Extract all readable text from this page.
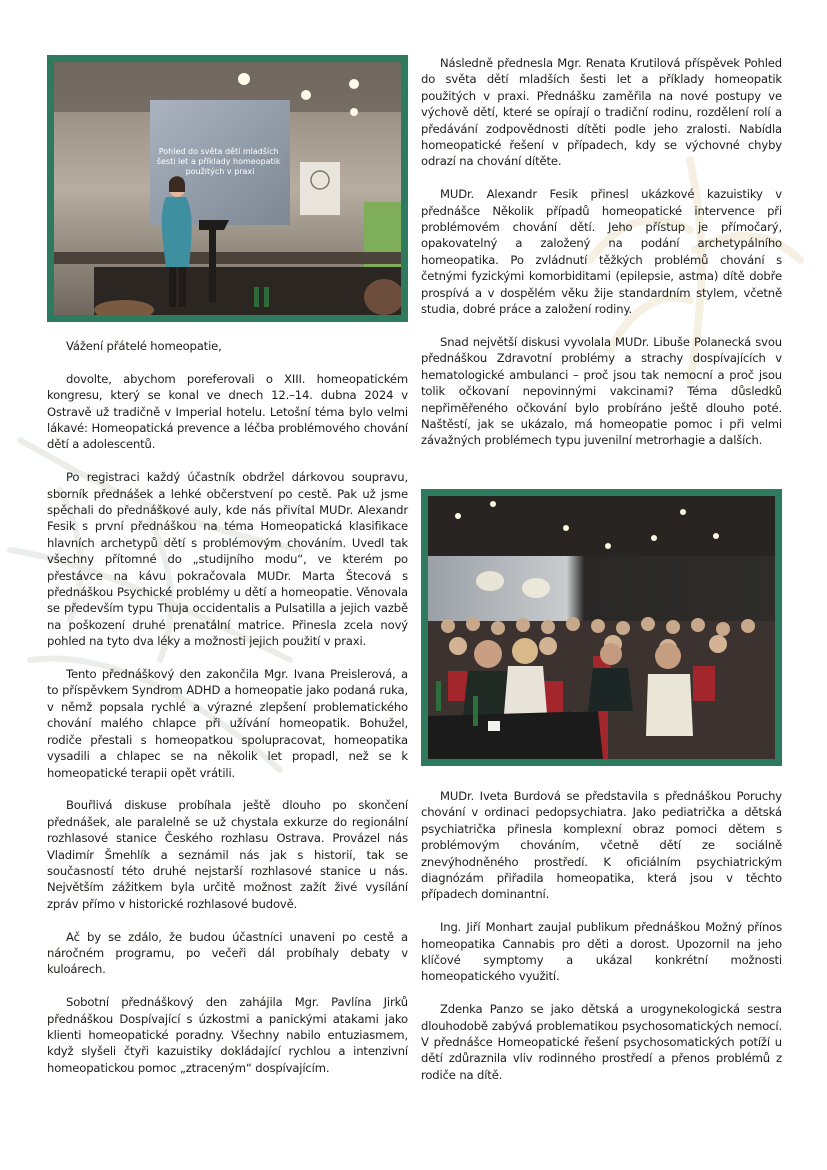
Pohled do světa dětí mladších šesti let a příklady homeopatik použitých v praxi

Vážení přátelé homeopatie,

dovolte, abychom poreferovali o XIII. homeopatickém kongresu, který se konal ve dnech 12.–14. dubna 2024 v Ostravě už tradičně v Imperial hotelu. Letošní téma bylo velmi lákavé: Homeopatická prevence a léčba problémového chování dětí a adolescentů.

Po registraci každý účastník obdržel dárkovou soupravu, sborník přednášek a lehké občerstvení po cestě. Pak už jsme spěchali do přednáškové auly, kde nás přivítal MUDr. Alexandr Fesik s první přednáškou na téma Homeopatická klasifikace hlavních archetypů dětí s problémovým chováním. Uvedl tak všechny přítomné do „studijního modu“, ve kterém po přestávce na kávu pokračovala MUDr. Marta Štecová s přednáškou Psychické problémy u dětí a homeopatie. Věnovala se především typu Thuja occidentalis a Pulsatilla a jejich vazbě na poškození druhé prenatální matrice. Přinesla zcela nový pohled na tyto dva léky a možnosti jejich použití v praxi.

Tento přednáškový den zakončila Mgr. Ivana Preislerová, a to příspěvkem Syndrom ADHD a homeopatie jako podaná ruka, v němž popsala rychlé a výrazné zlepšení problematického chování malého chlapce při užívání homeopatik. Bohužel, rodiče přestali s homeopatkou spolupracovat, homeopatika vysadili a chlapec se na několik let propadl, než se k homeopatické terapii opět vrátili.

Bouřlivá diskuse probíhala ještě dlouho po skončení přednášek, ale paralelně se už chystala exkurze do regionální rozhlasové stanice Českého rozhlasu Ostrava. Provázel nás Vladimír Šmehlík a seznámil nás jak s historií, tak se současností této druhé nejstarší rozhlasové stanice u nás. Největším zážitkem byla určitě možnost zažít živé vysílání zpráv přímo v historické rozhlasové budově.

Ač by se zdálo, že budou účastníci unaveni po cestě a náročném programu, po večeři dál probíhaly debaty v kuloárech.

Sobotní přednáškový den zahájila Mgr. Pavlína Jirků přednáškou Dospívající s úzkostmi a panickými atakami jako klienti homeopatické poradny. Všechny nabilo entuziasmem, když slyšeli čtyři kazuistiky dokládající rychlou a intenzivní homeopatickou pomoc „ztraceným“ dospívajícím.

Následně přednesla Mgr. Renata Krutilová příspěvek Pohled do světa dětí mladších šesti let a příklady homeopatik použitých v praxi. Přednášku zaměřila na nové postupy ve výchově dětí, které se opírají o tradiční rodinu, rozdělení rolí a předávání zodpovědnosti dítěti podle jeho zralosti. Nabídla homeopatické řešení v případech, kdy se výchovné chyby odrazí na chování dítěte.

MUDr. Alexandr Fesik přinesl ukázkové kazuistiky v přednášce Několik případů homeopatické intervence při problémovém chování dětí. Jeho přístup je přímočarý, opakovatelný a založený na podání archetypálního homeopatika. Po zvládnutí těžkých problémů chování s četnými fyzickými komorbiditami (epilepsie, astma) dítě dobře prospívá a v dospělém věku žije standardním stylem, včetně studia, dobré práce a založení rodiny.

Snad největší diskusi vyvolala MUDr. Libuše Polanecká svou přednáškou Zdravotní problémy a strachy dospívajících v hematologické ambulanci – proč jsou tak nemocní a proč jsou tolik očkovaní nepovinnými vakcinami? Téma důsledků nepřiměřeného očkování bylo probíráno ještě dlouho poté. Naštěstí, jak se ukázalo, má homeopatie pomoc i při velmi závažných problémech typu juvenilní metrorhagie a dalších.

MUDr. Iveta Burdová se představila s přednáškou Poruchy chování v ordinaci pedopsychiatra. Jako pediatrička a dětská psychiatrička přinesla komplexní obraz pomoci dětem s problémovým chováním, včetně dětí ze sociálně znevýhodněného prostředí. K oficiálním psychiatrickým diagnózám přiřadila homeopatika, která jsou v těchto případech dominantní.

Ing. Jiří Monhart zaujal publikum přednáškou Možný přínos homeopatika Cannabis pro děti a dorost. Upozornil na jeho klíčové symptomy a ukázal konkrétní možnosti homeopatického využití.

Zdenka Panzo se jako dětská a urogynekologická sestra dlouhodobě zabývá problematikou psychosomatických nemocí. V přednášce Homeopatické řešení psychosomatických potíží u dětí zdůraznila vliv rodinného prostředí a přenos problémů z rodiče na dítě.
